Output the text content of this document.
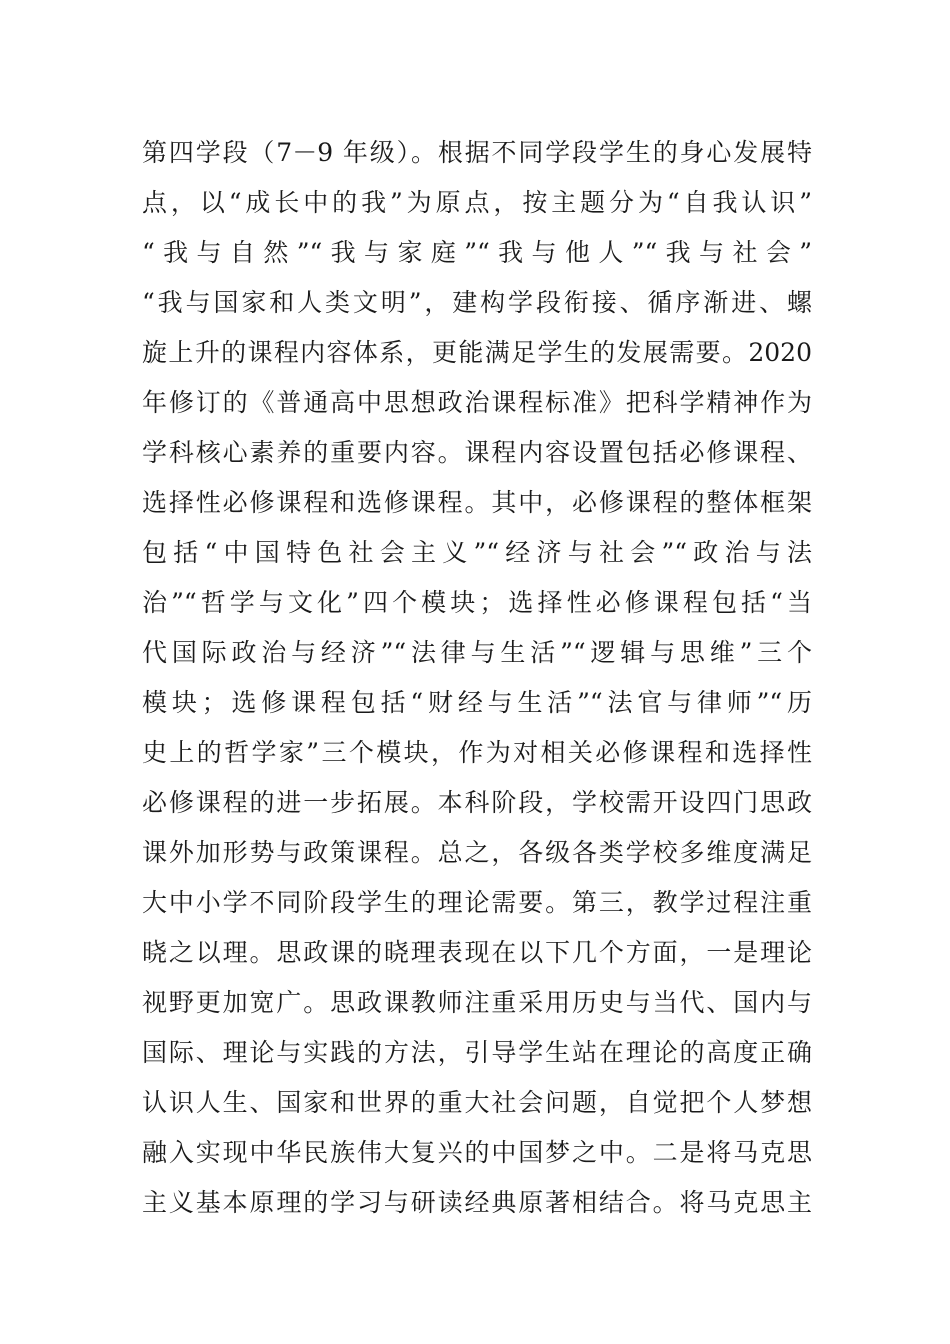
第四学段（7－9 年级）。根据不同学段学生的身心发展特
点，以“成长中的我”为原点，按主题分为“自我认识”
“我与自然”“我与家庭”“我与他人”“我与社会”
“我与国家和人类文明”，建构学段衔接、循序渐进、螺
旋上升的课程内容体系，更能满足学生的发展需要。2020
年修订的《普通高中思想政治课程标准》把科学精神作为
学科核心素养的重要内容。课程内容设置包括必修课程、
选择性必修课程和选修课程。其中，必修课程的整体框架
包括“中国特色社会主义”“经济与社会”“政治与法
治”“哲学与文化”四个模块；选择性必修课程包括“当
代国际政治与经济”“法律与生活”“逻辑与思维”三个
模块；选修课程包括“财经与生活”“法官与律师”“历
史上的哲学家”三个模块，作为对相关必修课程和选择性
必修课程的进一步拓展。本科阶段，学校需开设四门思政
课外加形势与政策课程。总之，各级各类学校多维度满足
大中小学不同阶段学生的理论需要。第三，教学过程注重
晓之以理。思政课的晓理表现在以下几个方面，一是理论
视野更加宽广。思政课教师注重采用历史与当代、国内与
国际、理论与实践的方法，引导学生站在理论的高度正确
认识人生、国家和世界的重大社会问题，自觉把个人梦想
融入实现中华民族伟大复兴的中国梦之中。二是将马克思
主义基本原理的学习与研读经典原著相结合。将马克思主
